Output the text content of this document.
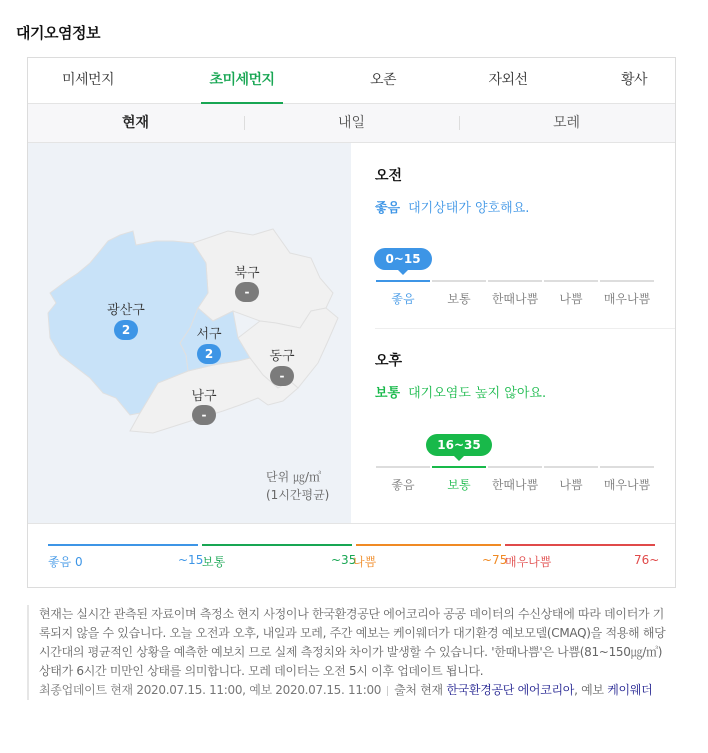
대기오염정보
미세먼지	초미세먼지	오존	자외선	황사
현재	내일	모레
광산구
2
북구
-
서구
2	동구
-
남구
-
단위 ㎍/㎥
(1시간평균)
오전
좋음 대기상태가 양호해요.
0~15
좋음	보통	한때나쁨	나쁨	매우나쁨
오후
보통 대기오염도 높지 않아요.
16~35
좋음	보통	한때나쁨	나쁨	매우나쁨
좋음 0	~15
보통	~35
나쁨	~75
매우나쁨	76~
현재는 실시간 관측된 자료이며 측정소 현지 사정이나 한국환경공단 에어코리아 공공 데이터의 수신상태에 따라 데이터가 기록되지 않을 수 있습니다. 오늘 오전과 오후, 내일과 모레, 주간 예보는 케이웨더가 대기환경 예보모델(CMAQ)을 적용해 해당 시간대의 평균적인 상황을 예측한 예보치 므로 실제 측정치와 차이가 발생할 수 있습니다. '한때나쁨'은 나쁨(81~150㎍/㎥)상태가 6시간 미만인 상태를 의미합니다. 모레 데이터는 오전 5시 이후 업데이트 됩니다.
최종업데이트 현재 2020.07.15. 11:00, 예보 2020.07.15. 11:00 출처 현재 한국환경공단 에어코리아, 예보 케이웨더
